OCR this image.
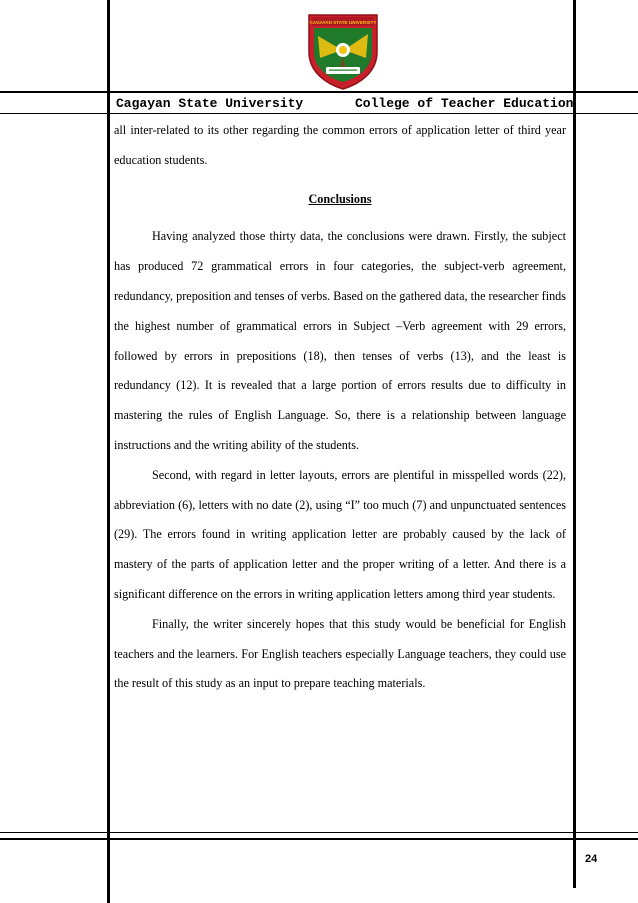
CAGAYAN STATE UNIVERSITY
Cagayan State University	College of Teacher Education

all inter-related to its other regarding the common errors of application letter of third year education students.

Conclusions

Having analyzed those thirty data, the conclusions were drawn. Firstly, the subject has produced 72 grammatical errors in four categories, the subject-verb agreement, redundancy, preposition and tenses of verbs. Based on the gathered data, the researcher finds the highest number of grammatical errors in Subject –Verb agreement with 29 errors, followed by errors in prepositions (18), then tenses of verbs (13), and the least is redundancy (12). It is revealed that a large portion of errors results due to difficulty in mastering the rules of English Language. So, there is a relationship between language instructions and the writing ability of the students.

Second, with regard in letter layouts, errors are plentiful in misspelled words (22), abbreviation (6), letters with no date (2), using “I” too much (7) and unpunctuated sentences (29). The errors found in writing application letter are probably caused by the lack of mastery of the parts of application letter and the proper writing of a letter. And there is a significant difference on the errors in writing application letters among third year students.

Finally, the writer sincerely hopes that this study would be beneficial for English teachers and the learners. For English teachers especially Language teachers, they could use the result of this study as an input to prepare teaching materials.

24
